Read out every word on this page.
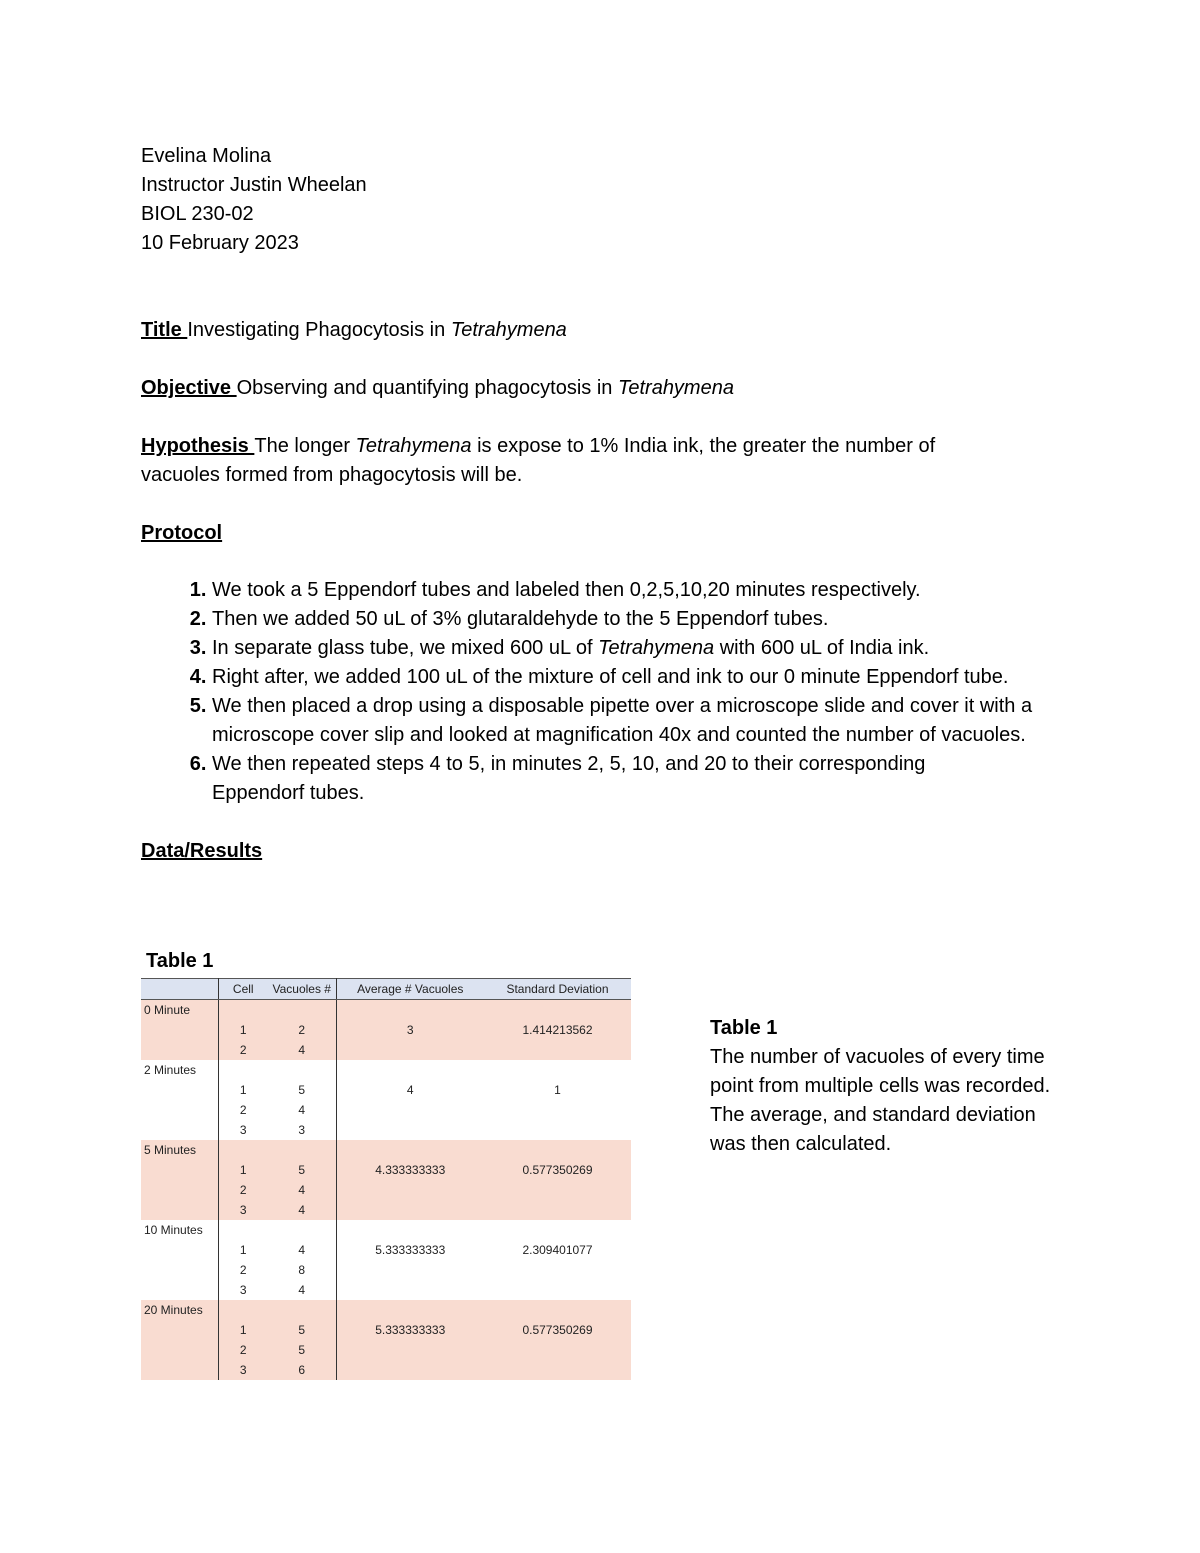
Evelina Molina
Instructor Justin Wheelan
BIOL 230-02
10 February 2023
Title Investigating Phagocytosis in Tetrahymena
Objective Observing and quantifying phagocytosis in Tetrahymena
Hypothesis The longer Tetrahymena is expose to 1% India ink, the greater the number of
vacuoles formed from phagocytosis will be.
Protocol
1. We took a 5 Eppendorf tubes and labeled then 0,2,5,10,20 minutes respectively.
2. Then we added 50 uL of 3% glutaraldehyde to the 5 Eppendorf tubes.
3. In separate glass tube, we mixed 600 uL of Tetrahymena with 600 uL of India ink.
4. Right after, we added 100 uL of the mixture of cell and ink to our 0 minute Eppendorf tube.
5. We then placed a drop using a disposable pipette over a microscope slide and cover it with a microscope cover slip and looked at magnification 40x and counted the number of vacuoles.
6. We then repeated steps 4 to 5, in minutes 2, 5, 10, and 20 to their corresponding Eppendorf tubes.
Data/Results
Table 1
	Cell	Vacuoles #	Average # Vacuoles	Standard Deviation
0 Minute				
	1	2	3	1.414213562
	2	4		
2 Minutes				
	1	5	4	1
	2	4		
	3	3		
5 Minutes				
	1	5	4.333333333	0.577350269
	2	4		
	3	4		
10 Minutes				
	1	4	5.333333333	2.309401077
	2	8		
	3	4		
20 Minutes				
	1	5	5.333333333	0.577350269
	2	5		
	3	6		
Table 1
The number of vacuoles of every time point from multiple cells was recorded. The average, and standard deviation was then calculated.
